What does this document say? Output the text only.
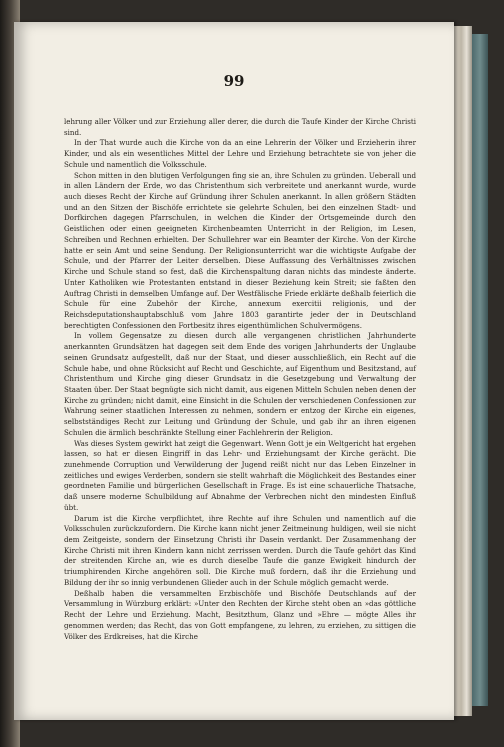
99

lehrung aller Völker und zur Erziehung aller derer, die durch die Taufe Kinder der Kirche Christi sind.

In der That wurde auch die Kirche von da an eine Lehrerin der Völker und Erzieherin ihrer Kinder, und als ein wesentliches Mittel der Lehre und Erziehung betrachtete sie von jeher die Schule und namentlich die Volksschule.

Schon mitten in den blutigen Verfolgungen fing sie an, ihre Schulen zu gründen. Ueberall und in allen Ländern der Erde, wo das Christenthum sich verbreitete und anerkannt wurde, wurde auch dieses Recht der Kirche auf Gründung ihrer Schulen anerkannt. In allen größern Städten und an den Sitzen der Bischöfe errichtete sie gelehrte Schulen, bei den einzelnen Stadt- und Dorfkirchen dagegen Pfarrschulen, in welchen die Kinder der Ortsgemeinde durch den Geistlichen oder einen geeigneten Kirchenbeamten Unterricht in der Religion, im Lesen, Schreiben und Rechnen erhielten. Der Schullehrer war ein Beamter der Kirche. Von der Kirche hatte er sein Amt und seine Sendung. Der Religionsunterricht war die wichtigste Aufgabe der Schule, und der Pfarrer der Leiter derselben. Diese Auffassung des Verhältnisses zwischen Kirche und Schule stand so fest, daß die Kirchenspaltung daran nichts das mindeste änderte. Unter Katholiken wie Protestanten entstand in dieser Beziehung kein Streit; sie faßten den Auftrag Christi in demselben Umfange auf. Der Westfälische Friede erklärte deßhalb feierlich die Schule für eine Zubehör der Kirche, annexum exercitii religionis, und der Reichsdeputationshauptabschluß vom Jahre 1803 garantirte jeder der in Deutschland berechtigten Confessionen den Fortbesitz ihres eigenthümlichen Schulvermögens.

In vollem Gegensatze zu diesen durch alle vergangenen christlichen Jahrhunderte anerkannten Grundsätzen hat dagegen seit dem Ende des vorigen Jahrhunderts der Unglaube seinen Grundsatz aufgestellt, daß nur der Staat, und dieser ausschließlich, ein Recht auf die Schule habe, und ohne Rücksicht auf Recht und Geschichte, auf Eigenthum und Besitzstand, auf Christenthum und Kirche ging dieser Grundsatz in die Gesetzgebung und Verwaltung der Staaten über. Der Staat begnügte sich nicht damit, aus eigenen Mitteln Schulen neben denen der Kirche zu gründen; nicht damit, eine Einsicht in die Schulen der verschiedenen Confessionen zur Wahrung seiner staatlichen Interessen zu nehmen, sondern er entzog der Kirche ein eigenes, selbstständiges Recht zur Leitung und Gründung der Schule, und gab ihr an ihren eigenen Schulen die ärmlich beschränkte Stellung einer Fachlehrerin der Religion.

Was dieses System gewirkt hat zeigt die Gegenwart. Wenn Gott je ein Weltgericht hat ergehen lassen, so hat er diesen Eingriff in das Lehr- und Erziehungsamt der Kirche gerächt. Die zunehmende Corruption und Verwilderung der Jugend reißt nicht nur das Leben Einzelner in zeitliches und ewiges Verderben, sondern sie stellt wahrhaft die Möglichkeit des Bestandes einer geordneten Familie und bürgerlichen Gesellschaft in Frage. Es ist eine schauerliche Thatsache, daß unsere moderne Schulbildung auf Abnahme der Verbrechen nicht den mindesten Einfluß übt.

Darum ist die Kirche verpflichtet, ihre Rechte auf ihre Schulen und namentlich auf die Volksschulen zurückzufordern. Die Kirche kann nicht jener Zeitmeinung huldigen, weil sie nicht dem Zeitgeiste, sondern der Einsetzung Christi ihr Dasein verdankt. Der Zusammenhang der Kirche Christi mit ihren Kindern kann nicht zerrissen werden. Durch die Taufe gehört das Kind der streitenden Kirche an, wie es durch dieselbe Taufe die ganze Ewigkeit hindurch der triumphirenden Kirche angehören soll. Die Kirche muß fordern, daß ihr die Erziehung und Bildung der ihr so innig verbundenen Glieder auch in der Schule möglich gemacht werde.

Deßhalb haben die versammelten Erzbischöfe und Bischöfe Deutschlands auf der Versammlung in Würzburg erklärt: »Unter den Rechten der Kirche steht oben an »das göttliche Recht der Lehre und Erziehung. Macht, Besitzthum, Glanz und »Ehre — mögte Alles ihr genommen werden; das Recht, das von Gott empfangene, zu lehren, zu erziehen, zu sittigen die Völker des Erdkreises, hat die Kirche
